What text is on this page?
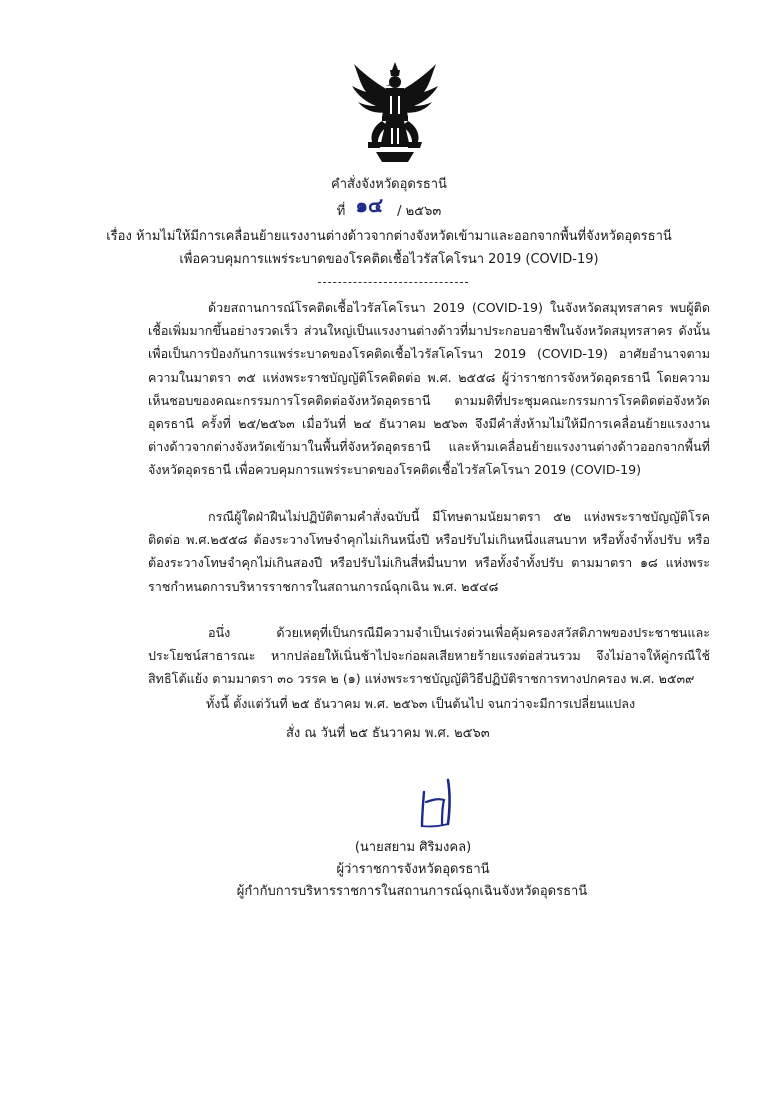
คำสั่งจังหวัดอุดรธานี
ที่ ๑๔ / ๒๕๖๓
เรื่อง ห้ามไม่ให้มีการเคลื่อนย้ายแรงงานต่างด้าวจากต่างจังหวัดเข้ามาและออกจากพื้นที่จังหวัดอุดรธานี
เพื่อควบคุมการแพร่ระบาดของโรคติดเชื้อไวรัสโคโรนา 2019 (COVID-19)
ด้วยสถานการณ์โรคติดเชื้อไวรัสโคโรนา 2019 (COVID-19) ในจังหวัดสมุทรสาคร พบผู้ติดเชื้อเพิ่มมากขึ้นอย่างรวดเร็ว ส่วนใหญ่เป็นแรงงานต่างด้าวที่มาประกอบอาชีพในจังหวัดสมุทรสาคร ดังนั้น เพื่อเป็นการป้องกันการแพร่ระบาดของโรคติดเชื้อไวรัสโคโรนา 2019 (COVID-19) อาศัยอำนาจตามความในมาตรา ๓๕ แห่งพระราชบัญญัติโรคติดต่อ พ.ศ. ๒๕๕๘ ผู้ว่าราชการจังหวัดอุดรธานี โดยความเห็นชอบของคณะกรรมการโรคติดต่อจังหวัดอุดรธานี ตามมติที่ประชุมคณะกรรมการโรคติดต่อจังหวัดอุดรธานี ครั้งที่ ๒๕/๒๕๖๓ เมื่อวันที่ ๒๔ ธันวาคม ๒๕๖๓ จึงมีคำสั่งห้ามไม่ให้มีการเคลื่อนย้ายแรงงานต่างด้าวจากต่างจังหวัดเข้ามาในพื้นที่จังหวัดอุดรธานี และห้ามเคลื่อนย้ายแรงงานต่างด้าวออกจากพื้นที่จังหวัดอุดรธานี เพื่อควบคุมการแพร่ระบาดของโรคติดเชื้อไวรัสโคโรนา 2019 (COVID-19)
กรณีผู้ใดฝ่าฝืนไม่ปฏิบัติตามคำสั่งฉบับนี้ มีโทษตามนัยมาตรา ๕๒ แห่งพระราชบัญญัติโรคติดต่อ พ.ศ.๒๕๕๘ ต้องระวางโทษจำคุกไม่เกินหนึ่งปี หรือปรับไม่เกินหนึ่งแสนบาท หรือทั้งจำทั้งปรับ หรือต้องระวางโทษจำคุกไม่เกินสองปี หรือปรับไม่เกินสี่หมื่นบาท หรือทั้งจำทั้งปรับ ตามมาตรา ๑๘ แห่งพระราชกำหนดการบริหารราชการในสถานการณ์ฉุกเฉิน พ.ศ. ๒๕๔๘
อนึ่ง ด้วยเหตุที่เป็นกรณีมีความจำเป็นเร่งด่วนเพื่อคุ้มครองสวัสดิภาพของประชาชนและประโยชน์สาธารณะ หากปล่อยให้เนิ่นช้าไปจะก่อผลเสียหายร้ายแรงต่อส่วนรวม จึงไม่อาจให้คู่กรณีใช้สิทธิโต้แย้ง ตามมาตรา ๓๐ วรรค ๒ (๑) แห่งพระราชบัญญัติวิธีปฏิบัติราชการทางปกครอง พ.ศ. ๒๕๓๙
ทั้งนี้ ตั้งแต่วันที่ ๒๕ ธันวาคม พ.ศ. ๒๕๖๓ เป็นต้นไป จนกว่าจะมีการเปลี่ยนแปลง
สั่ง ณ วันที่ ๒๕ ธันวาคม พ.ศ. ๒๕๖๓
(นายสยาม ศิริมงคล)
ผู้ว่าราชการจังหวัดอุดรธานี
ผู้กำกับการบริหารราชการในสถานการณ์ฉุกเฉินจังหวัดอุดรธานี
